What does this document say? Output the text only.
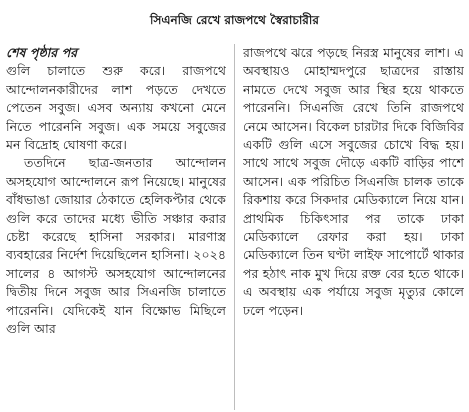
সিএনজি রেখে রাজপথে স্বৈরাচারীর
শেষ পৃষ্ঠার পর

গুলি চালাতে শুরু করে। রাজপথে আন্দোলনকারীদের লাশ পড়তে দেখতে পেতেন সবুজ। এসব অন্যায় কখনো মেনে নিতে পারেননি সবুজ। এক সময়ে সবুজের মন বিদ্রোহ ঘোষণা করে।

ততদিনে ছাত্র-জনতার আন্দোলন অসহযোগ আন্দোলনে রূপ নিয়েছে। মানুষের বাঁধভাঙা জোয়ার ঠেকাতে হেলিকপ্টার থেকে গুলি করে তাদের মধ্যে ভীতি সঞ্চার করার চেষ্টা করেছে হাসিনা সরকার। মারণাস্ত্র ব্যবহারের নির্দেশ দিয়েছিলেন হাসিনা। ২০২৪ সালের ৪ আগস্ট অসহযোগ আন্দোলনের দ্বিতীয় দিনে সবুজ আর সিএনজি চালাতে পারেননি। যেদিকেই যান বিক্ষোভ মিছিলে গুলি আর

রাজপথে ঝরে পড়ছে নিরস্ত্র মানুষের লাশ। এ অবস্থায়ও মোহাম্মদপুরে ছাত্রদের রাস্তায় নামতে দেখে সবুজ আর স্থির হয়ে থাকতে পারেননি। সিএনজি রেখে তিনি রাজপথে নেমে আসেন। বিকেল চারটার দিকে বিজিবির একটি গুলি এসে সবুজের চোখে বিদ্ধ হয়। সাথে সাথে সবুজ দৌড়ে একটি বাড়ির পাশে আসেন। এক পরিচিত সিএনজি চালক তাকে রিকশায় করে সিকদার মেডিক্যালে নিয়ে যান। প্রাথমিক চিকিৎসার পর তাকে ঢাকা মেডিক্যালে রেফার করা হয়। ঢাকা মেডিক্যালে তিন ঘণ্টা লাইফ সাপোর্টে থাকার পর হঠাৎ নাক মুখ দিয়ে রক্ত বের হতে থাকে। এ অবস্থায় এক পর্যায়ে সবুজ মৃত্যুর কোলে ঢলে পড়েন।
